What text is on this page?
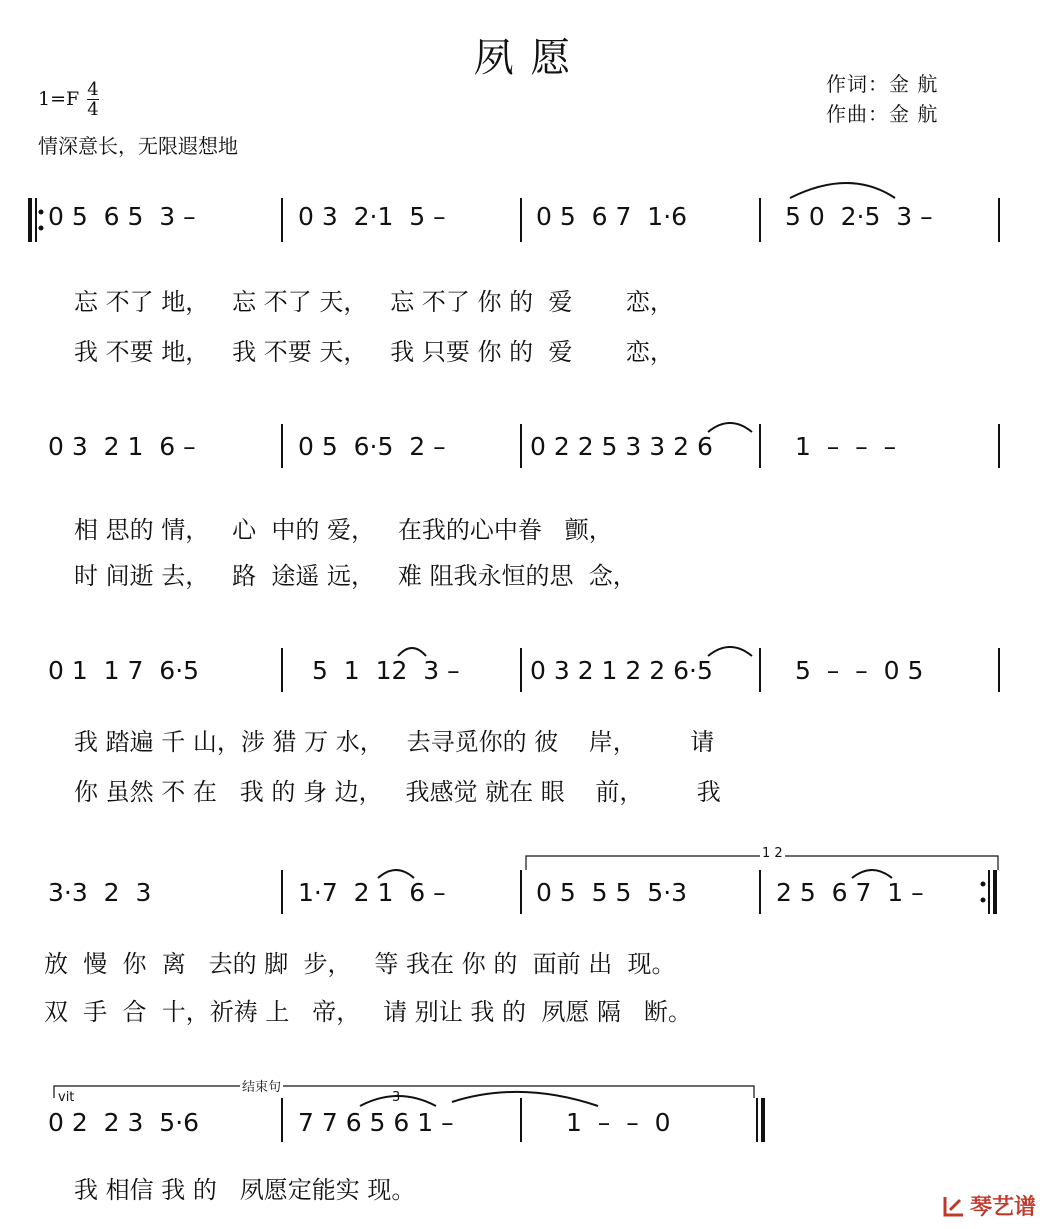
夙 愿
1=F 4
4
情深意长，无限遐想地
作词：金 航
作曲：金 航
0 5  6 5  3 –	0 3  2·1  5 –	0 5  6 7  1·6	5 0  2·5  3 –
忘 不了 地，   忘 不了 天，   忘 不了 你 的  爱       恋，
我 不要 地，   我 不要 天，   我 只要 你 的  爱       恋，
0 3  2 1  6 –	0 5  6·5  2 –	0 2 2 5 3 3 2 6	1  –  –  –
相 思的 情，   心  中的 爱，   在我的心中眷   颤，
时 间逝 去，   路  途遥 远，   难 阻我永恒的思  念，
0 1  1 7  6·5	5  1  12  3 –	0 3 2 1 2 2 6·5	5  –  –  0 5
我 踏遍 千 山，涉 猎 万 水，   去寻觅你的 彼    岸，       请
你 虽然 不 在   我 的 身 边，   我感觉 就在 眼    前，       我
1 2
3·3  2  3	1·7  2 1  6 –	0 5  5 5  5·3	2 5  6 7  1 –
放  慢  你  离   去的 脚  步，   等 我在 你 的  面前 出  现。
双  手  合  十，祈祷 上   帝，   请 别让 我 的  夙愿 隔   断。
vit
结束句
3
0 2  2 3  5·6	7 7 6 5 6 1 –	1  –  –  0
我 相信 我 的   夙愿定能实 现。
琴艺谱
